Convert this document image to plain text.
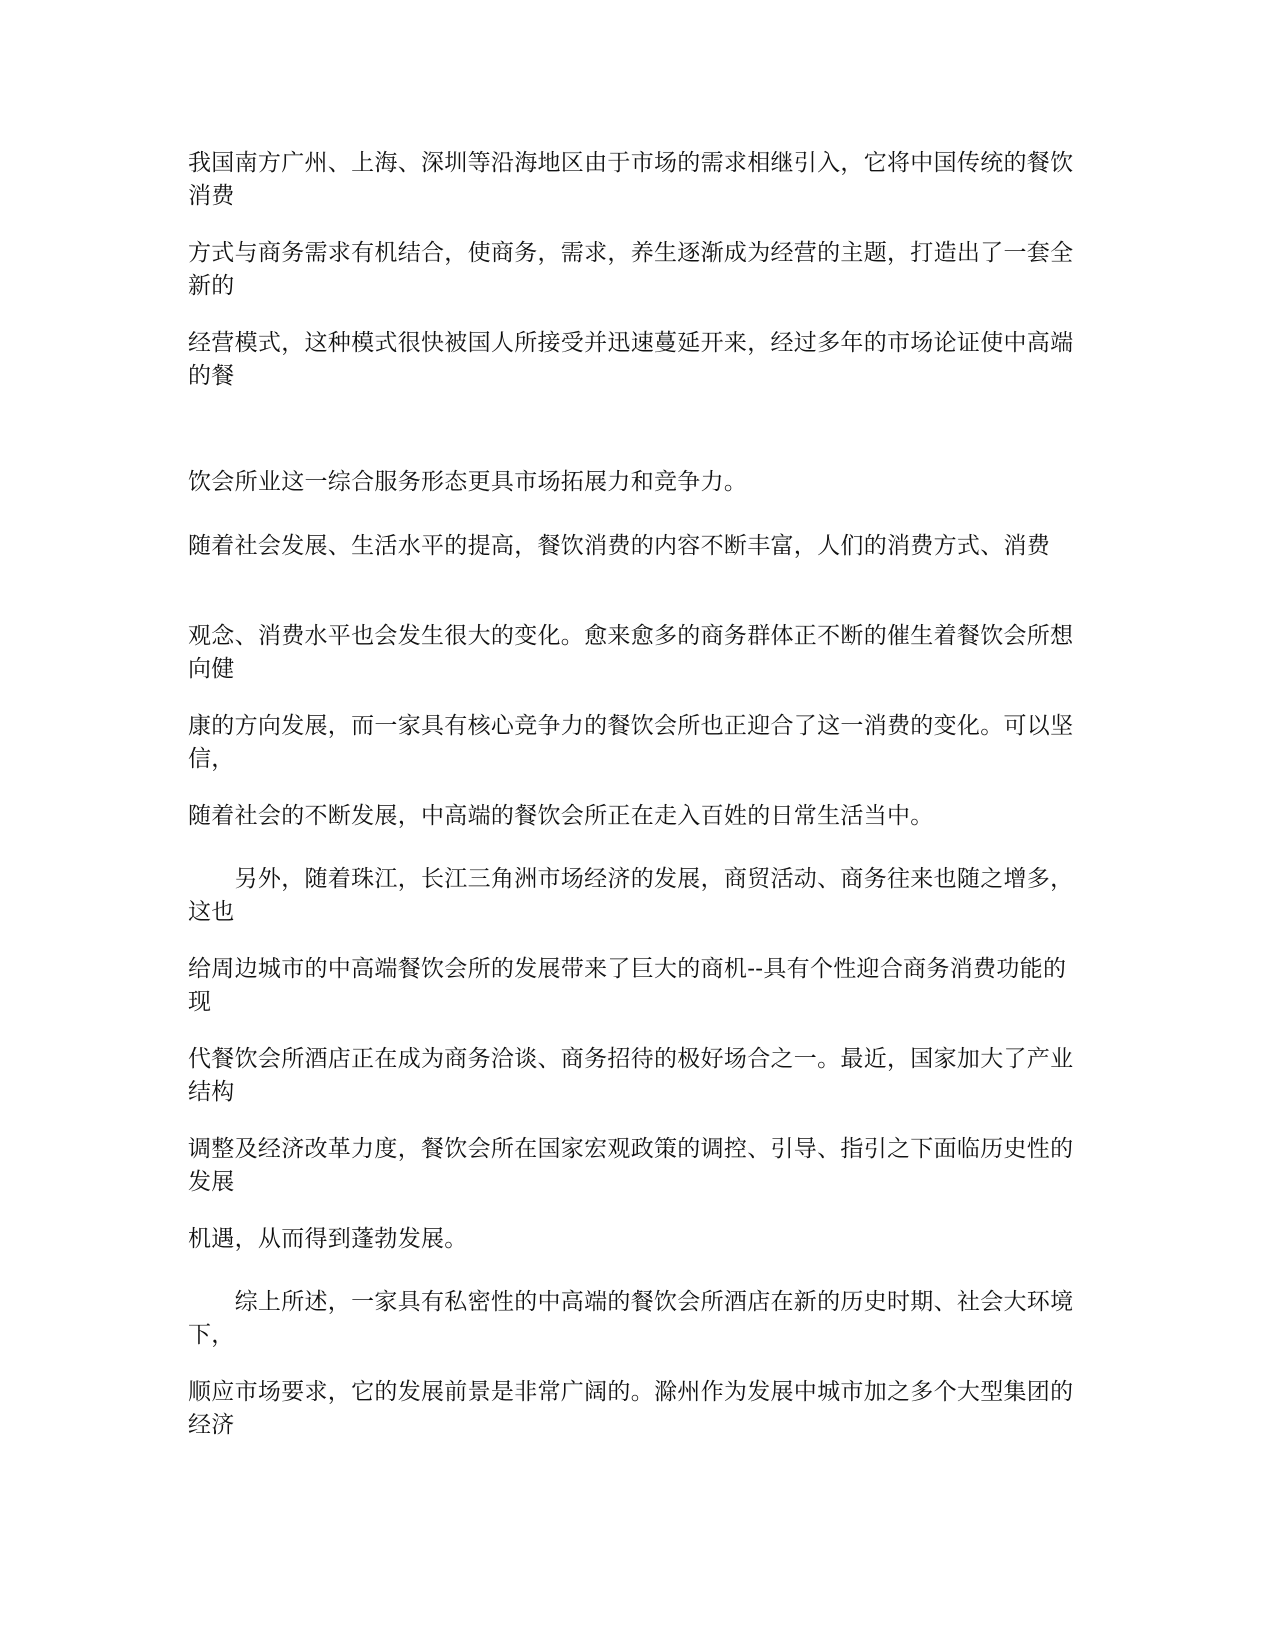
我国南方广州、上海、深圳等沿海地区由于市场的需求相继引入，它将中国传统的餐饮消费

方式与商务需求有机结合，使商务，需求，养生逐渐成为经营的主题，打造出了一套全新的

经营模式，这种模式很快被国人所接受并迅速蔓延开来，经过多年的市场论证使中高端的餐

饮会所业这一综合服务形态更具市场拓展力和竞争力。

随着社会发展、生活水平的提高，餐饮消费的内容不断丰富，人们的消费方式、消费

观念、消费水平也会发生很大的变化。愈来愈多的商务群体正不断的催生着餐饮会所想向健

康的方向发展，而一家具有核心竞争力的餐饮会所也正迎合了这一消费的变化。可以坚信，

随着社会的不断发展，中高端的餐饮会所正在走入百姓的日常生活当中。

　　另外，随着珠江，长江三角洲市场经济的发展，商贸活动、商务往来也随之增多，这也

给周边城市的中高端餐饮会所的发展带来了巨大的商机--具有个性迎合商务消费功能的现

代餐饮会所酒店正在成为商务洽谈、商务招待的极好场合之一。最近，国家加大了产业结构

调整及经济改革力度，餐饮会所在国家宏观政策的调控、引导、指引之下面临历史性的发展

机遇，从而得到蓬勃发展。

　　综上所述，一家具有私密性的中高端的餐饮会所酒店在新的历史时期、社会大环境下，

顺应市场要求，它的发展前景是非常广阔的。滁州作为发展中城市加之多个大型集团的经济
